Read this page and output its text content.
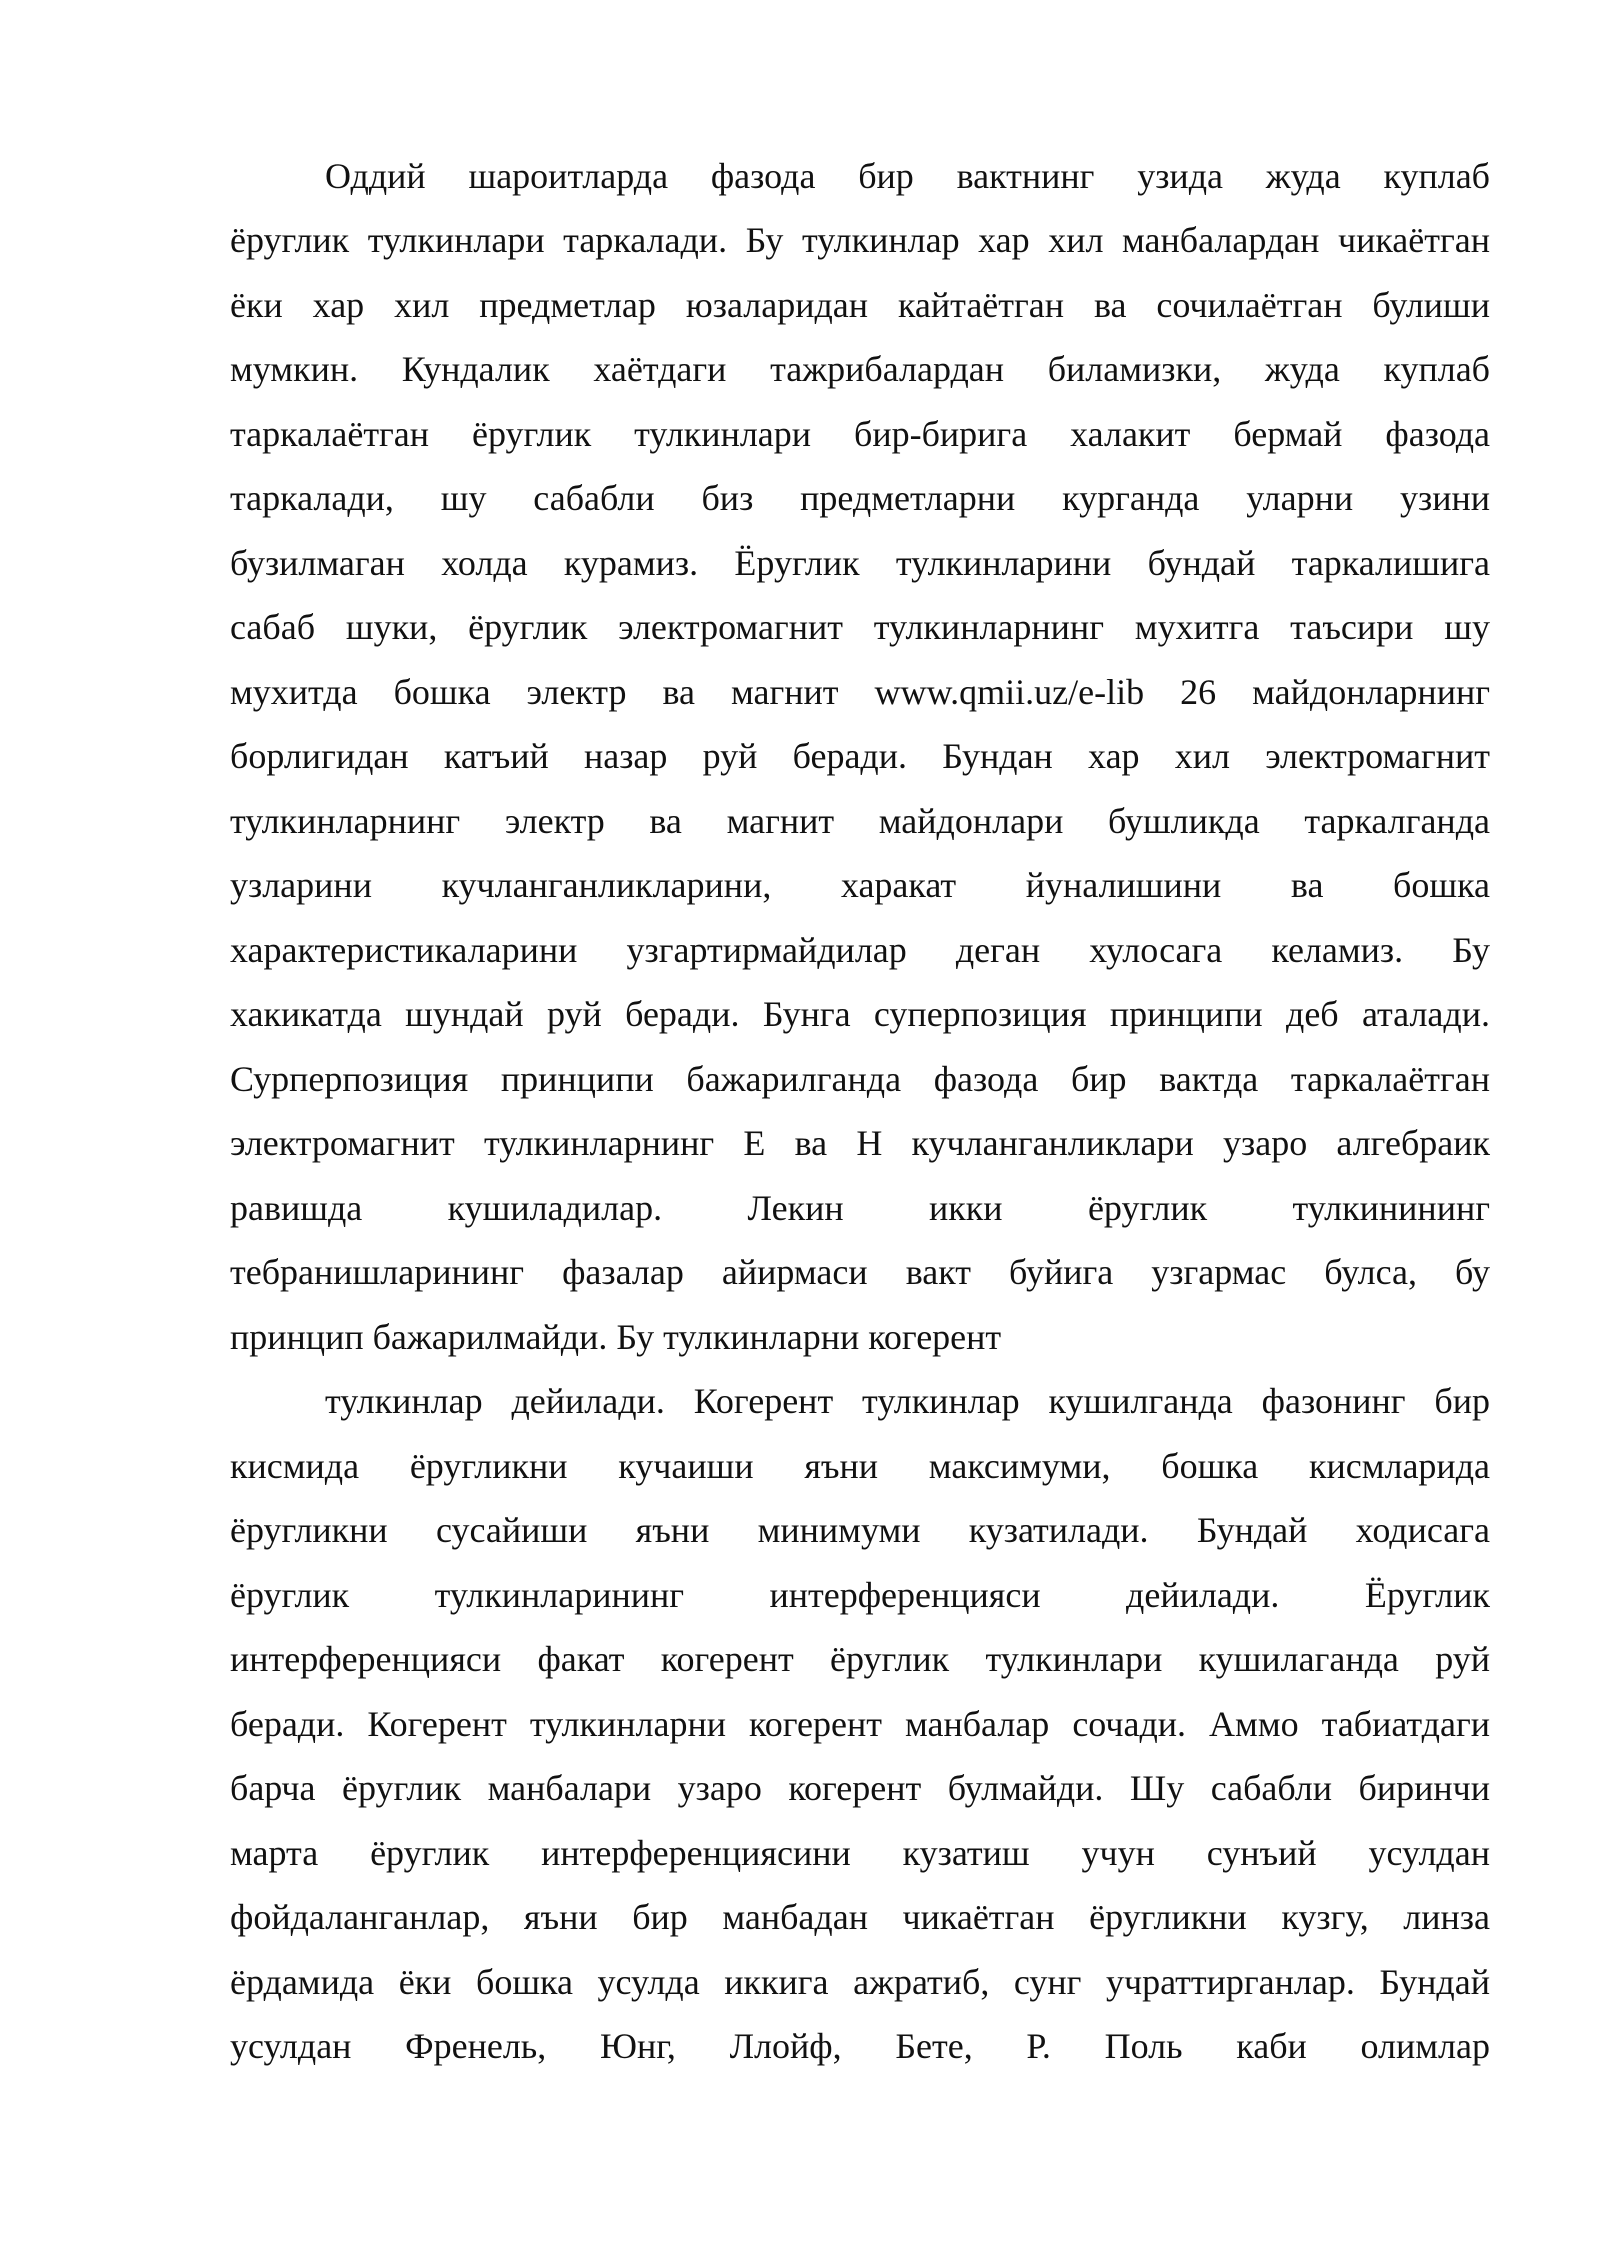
Оддий шароитларда фазода бир вактнинг узида жуда куплаб
ёруглик тулкинлари таркалади. Бу тулкинлар хар хил манбалардан чикаётган
ёки хар хил предметлар юзаларидан кайтаётган ва сочилаётган булиши
мумкин. Кундалик хаётдаги тажрибалардан биламизки, жуда куплаб
таркалаётган ёруглик тулкинлари бир-бирига халакит бермай фазода
таркалади, шу сабабли биз предметларни курганда уларни узини
бузилмаган холда курамиз. Ёруглик тулкинларини бундай таркалишига
сабаб шуки, ёруглик электромагнит тулкинларнинг мухитга таъсири шу
мухитда бошка электр ва магнит www.qmii.uz/e-lib 26 майдонларнинг
борлигидан катъий назар руй беради. Бундан хар хил электромагнит
тулкинларнинг электр ва магнит майдонлари бушликда таркалганда
узларини кучланганликларини, харакат йуналишини ва бошка
характеристикаларини узгартирмайдилар деган хулосага келамиз. Бу
хакикатда шундай руй беради. Бунга суперпозиция принципи деб аталади.
Сурперпозиция принципи бажарилганда фазода бир вактда таркалаётган
электромагнит тулкинларнинг Е ва Н кучланганликлари узаро алгебраик
равишда кушиладилар. Лекин икки ёруглик тулкинининг
тебранишларининг фазалар айирмаси вакт буйига узгармас булса, бу
принцип бажарилмайди. Бу тулкинларни когерент
тулкинлар дейилади. Когерент тулкинлар кушилганда фазонинг бир
кисмида ёругликни кучаиши яъни максимуми, бошка кисмларида
ёругликни сусайиши яъни минимуми кузатилади. Бундай ходисага
ёруглик тулкинларининг интерференцияси дейилади. Ёруглик
интерференцияси факат когерент ёруглик тулкинлари кушилаганда руй
беради. Когерент тулкинларни когерент манбалар сочади. Аммо табиатдаги
барча ёруглик манбалари узаро когерент булмайди. Шу сабабли биринчи
марта ёруглик интерференциясини кузатиш учун сунъий усулдан
фойдаланганлар, яъни бир манбадан чикаётган ёругликни кузгу, линза
ёрдамида ёки бошка усулда иккига ажратиб, сунг учраттирганлар. Бундай
усулдан Френель, Юнг, Ллойф, Бете, Р. Поль каби олимлар
